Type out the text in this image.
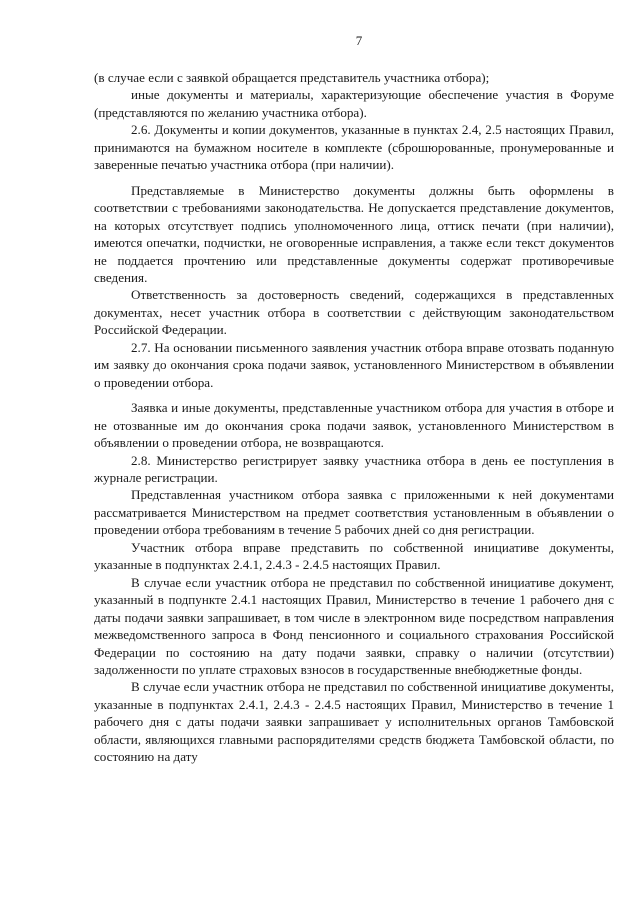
7

(в случае если с заявкой обращается представитель участника отбора);

иные документы и материалы, характеризующие обеспечение участия в Форуме (представляются по желанию участника отбора).

2.6. Документы и копии документов, указанные в пунктах 2.4, 2.5 настоящих Правил, принимаются на бумажном носителе в комплекте (сброшюрованные, пронумерованные и заверенные печатью участника отбора (при наличии).

Представляемые в Министерство документы должны быть оформлены в соответствии с требованиями законодательства. Не допускается представление документов, на которых отсутствует подпись уполномоченного лица, оттиск печати (при наличии), имеются опечатки, подчистки, не оговоренные исправления, а также если текст документов не поддается прочтению или представленные документы содержат противоречивые сведения.

Ответственность за достоверность сведений, содержащихся в представленных документах, несет участник отбора в соответствии с действующим законодательством Российской Федерации.

2.7. На основании письменного заявления участник отбора вправе отозвать поданную им заявку до окончания срока подачи заявок, установленного Министерством в объявлении о проведении отбора.

Заявка и иные документы, представленные участником отбора для участия в отборе и не отозванные им до окончания срока подачи заявок, установленного Министерством в объявлении о проведении отбора, не возвращаются.

2.8. Министерство регистрирует заявку участника отбора в день ее поступления в журнале регистрации.

Представленная участником отбора заявка с приложенными к ней документами рассматривается Министерством на предмет соответствия установленным в объявлении о проведении отбора требованиям в течение 5 рабочих дней со дня регистрации.

Участник отбора вправе представить по собственной инициативе документы, указанные в подпунктах 2.4.1, 2.4.3 - 2.4.5 настоящих Правил.

В случае если участник отбора не представил по собственной инициативе документ, указанный в подпункте 2.4.1 настоящих Правил, Министерство в течение 1 рабочего дня с даты подачи заявки запрашивает, в том числе в электронном виде посредством направления межведомственного запроса в Фонд пенсионного и социального страхования Российской Федерации по состоянию на дату подачи заявки, справку о наличии (отсутствии) задолженности по уплате страховых взносов в государственные внебюджетные фонды.

В случае если участник отбора не представил по собственной инициативе документы, указанные в подпунктах 2.4.1, 2.4.3 - 2.4.5 настоящих Правил, Министерство в течение 1 рабочего дня с даты подачи заявки запрашивает у исполнительных органов Тамбовской области, являющихся главными распорядителями средств бюджета Тамбовской области, по состоянию на дату
